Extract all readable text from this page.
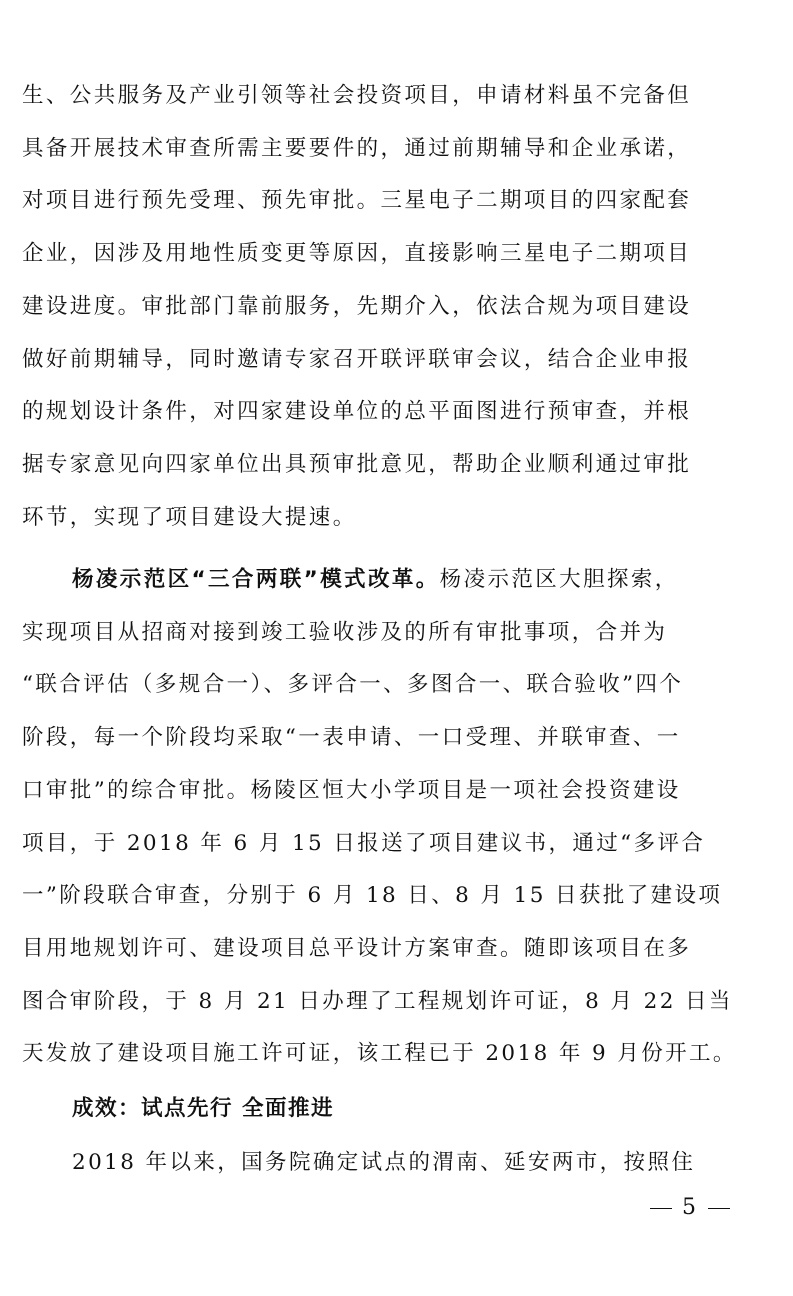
生、公共服务及产业引领等社会投资项目，申请材料虽不完备但
具备开展技术审查所需主要要件的，通过前期辅导和企业承诺，
对项目进行预先受理、预先审批。三星电子二期项目的四家配套
企业，因涉及用地性质变更等原因，直接影响三星电子二期项目
建设进度。审批部门靠前服务，先期介入，依法合规为项目建设
做好前期辅导，同时邀请专家召开联评联审会议，结合企业申报
的规划设计条件，对四家建设单位的总平面图进行预审查，并根
据专家意见向四家单位出具预审批意见，帮助企业顺利通过审批
环节，实现了项目建设大提速。
杨凌示范区“三合两联”模式改革。杨凌示范区大胆探索，
实现项目从招商对接到竣工验收涉及的所有审批事项，合并为
“联合评估（多规合一）、多评合一、多图合一、联合验收”四个
阶段，每一个阶段均采取“一表申请、一口受理、并联审查、一
口审批”的综合审批。杨陵区恒大小学项目是一项社会投资建设
项目，于 2018 年 6 月 15 日报送了项目建议书，通过“多评合
一”阶段联合审查，分别于 6 月 18 日、8 月 15 日获批了建设项
目用地规划许可、建设项目总平设计方案审查。随即该项目在多
图合审阶段，于 8 月 21 日办理了工程规划许可证，8 月 22 日当
天发放了建设项目施工许可证，该工程已于 2018 年 9 月份开工。
成效：试点先行 全面推进
2018 年以来，国务院确定试点的渭南、延安两市，按照住
5
